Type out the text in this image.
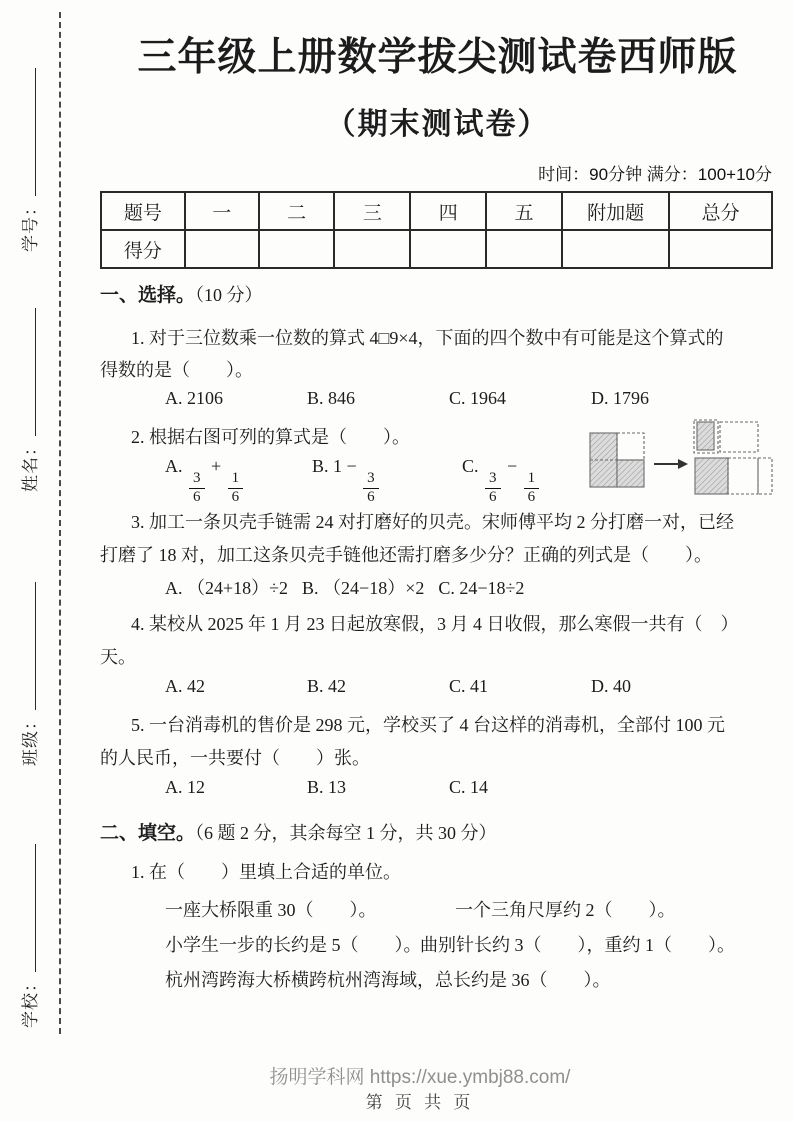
学号：
姓名：
班级：
学校：
三年级上册数学拔尖测试卷西师版
（期末测试卷）
时间：90分钟 满分：100+10分
题号	一	二	三	四	五	附加题	总分
得分							
一、选择。（10 分）
1. 对于三位数乘一位数的算式 4□9×4，下面的四个数中有可能是这个算式的
得数的是（　　）。
A. 2106	B. 846	C. 1964	D. 1796
2. 根据右图可列的算式是（　　）。
A.
$\frac{3}{6}$
+
$\frac{1}{6}$
B. 1 −
$\frac{3}{6}$
C.
$\frac{3}{6}$
−
$\frac{1}{6}$
3. 加工一条贝壳手链需 24 对打磨好的贝壳。宋师傅平均 2 分打磨一对，已经
打磨了 18 对，加工这条贝壳手链他还需打磨多少分？正确的列式是（　　）。
A. （24+18）÷2 B. （24−18）×2 C. 24−18÷2
4. 某校从 2025 年 1 月 23 日起放寒假，3 月 4 日收假，那么寒假一共有（　）
天。
A. 42	B. 42	C. 41	D. 40
5. 一台消毒机的售价是 298 元，学校买了 4 台这样的消毒机，全部付 100 元
的人民币，一共要付（　　）张。
A. 12	B. 13	C. 14
二、填空。（6 题 2 分，其余每空 1 分，共 30 分）
1. 在（　　）里填上合适的单位。
一座大桥限重 30（　　）。	一个三角尺厚约 2（　　）。
小学生一步的长约是 5（　　）。
曲别针长约 3（　　），重约 1（　　）。
杭州湾跨海大桥横跨杭州湾海域，总长约是 36（　　）。
扬明学科网 https://xue.ymbj88.com/
第 页 共 页
